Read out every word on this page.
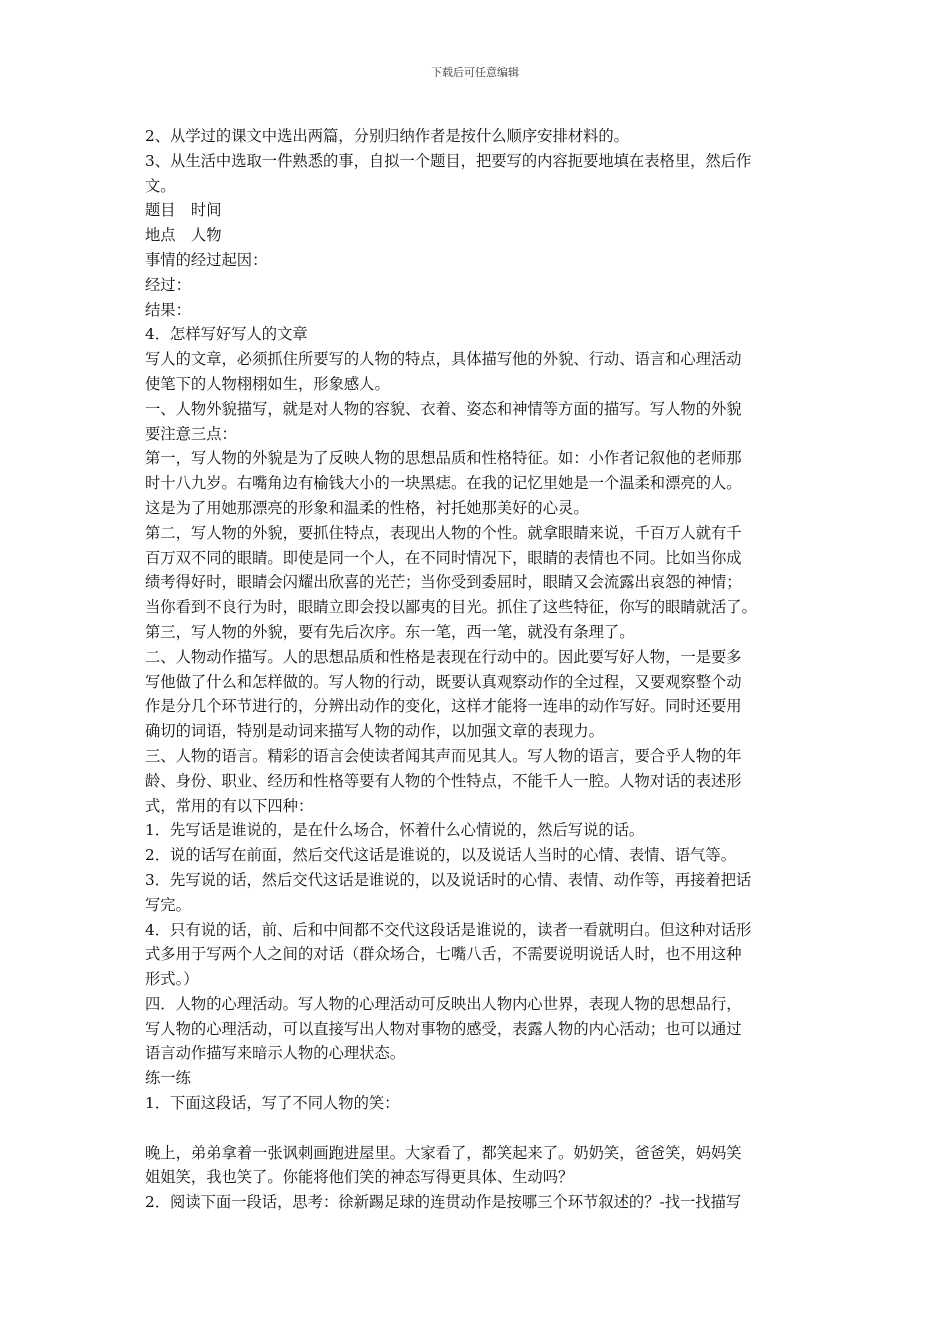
下载后可任意编辑
2、从学过的课文中选出两篇，分别归纳作者是按什么顺序安排材料的。
3、从生活中选取一件熟悉的事，自拟一个题目，把要写的内容扼要地填在表格里，然后作
文。
题目　时间
地点　人物
事情的经过起因：
经过：
结果：
4．怎样写好写人的文章
写人的文章，必须抓住所要写的人物的特点，具体描写他的外貌、行动、语言和心理活动
使笔下的人物栩栩如生，形象感人。
一、人物外貌描写，就是对人物的容貌、衣着、姿态和神情等方面的描写。写人物的外貌
要注意三点：
第一，写人物的外貌是为了反映人物的思想品质和性格特征。如：小作者记叙他的老师那
时十八九岁。右嘴角边有榆钱大小的一块黑痣。在我的记忆里她是一个温柔和漂亮的人。
这是为了用她那漂亮的形象和温柔的性格，衬托她那美好的心灵。
第二，写人物的外貌，要抓住特点，表现出人物的个性。就拿眼睛来说，千百万人就有千
百万双不同的眼睛。即使是同一个人，在不同时情况下，眼睛的表情也不同。比如当你成
绩考得好时，眼睛会闪耀出欣喜的光芒；当你受到委屈时，眼睛又会流露出哀怨的神情；
当你看到不良行为时，眼睛立即会投以鄙夷的目光。抓住了这些特征，你写的眼睛就活了。
第三，写人物的外貌，要有先后次序。东一笔，西一笔，就没有条理了。
二、人物动作描写。人的思想品质和性格是表现在行动中的。因此要写好人物，一是要多
写他做了什么和怎样做的。写人物的行动，既要认真观察动作的全过程，又要观察整个动
作是分几个环节进行的，分辨出动作的变化，这样才能将一连串的动作写好。同时还要用
确切的词语，特别是动词来描写人物的动作，以加强文章的表现力。
三、人物的语言。精彩的语言会使读者闻其声而见其人。写人物的语言，要合乎人物的年
龄、身份、职业、经历和性格等要有人物的个性特点，不能千人一腔。人物对话的表述形
式，常用的有以下四种：
1．先写话是谁说的，是在什么场合，怀着什么心情说的，然后写说的话。
2．说的话写在前面，然后交代这话是谁说的，以及说话人当时的心情、表情、语气等。
3．先写说的话，然后交代这话是谁说的，以及说话时的心情、表情、动作等，再接着把话
写完。
4．只有说的话，前、后和中间都不交代这段话是谁说的，读者一看就明白。但这种对话形
式多用于写两个人之间的对话（群众场合，七嘴八舌，不需要说明说话人时，也不用这种
形式。）
四．人物的心理活动。写人物的心理活动可反映出人物内心世界，表现人物的思想品行，
写人物的心理活动，可以直接写出人物对事物的感受，表露人物的内心活动；也可以通过
语言动作描写来暗示人物的心理状态。
练一练
1．下面这段话，写了不同人物的笑：
晚上，弟弟拿着一张讽刺画跑进屋里。大家看了，都笑起来了。奶奶笑，爸爸笑，妈妈笑
姐姐笑，我也笑了。你能将他们笑的神态写得更具体、生动吗？
2．阅读下面一段话，思考：徐新踢足球的连贯动作是按哪三个环节叙述的？-找一找描写
